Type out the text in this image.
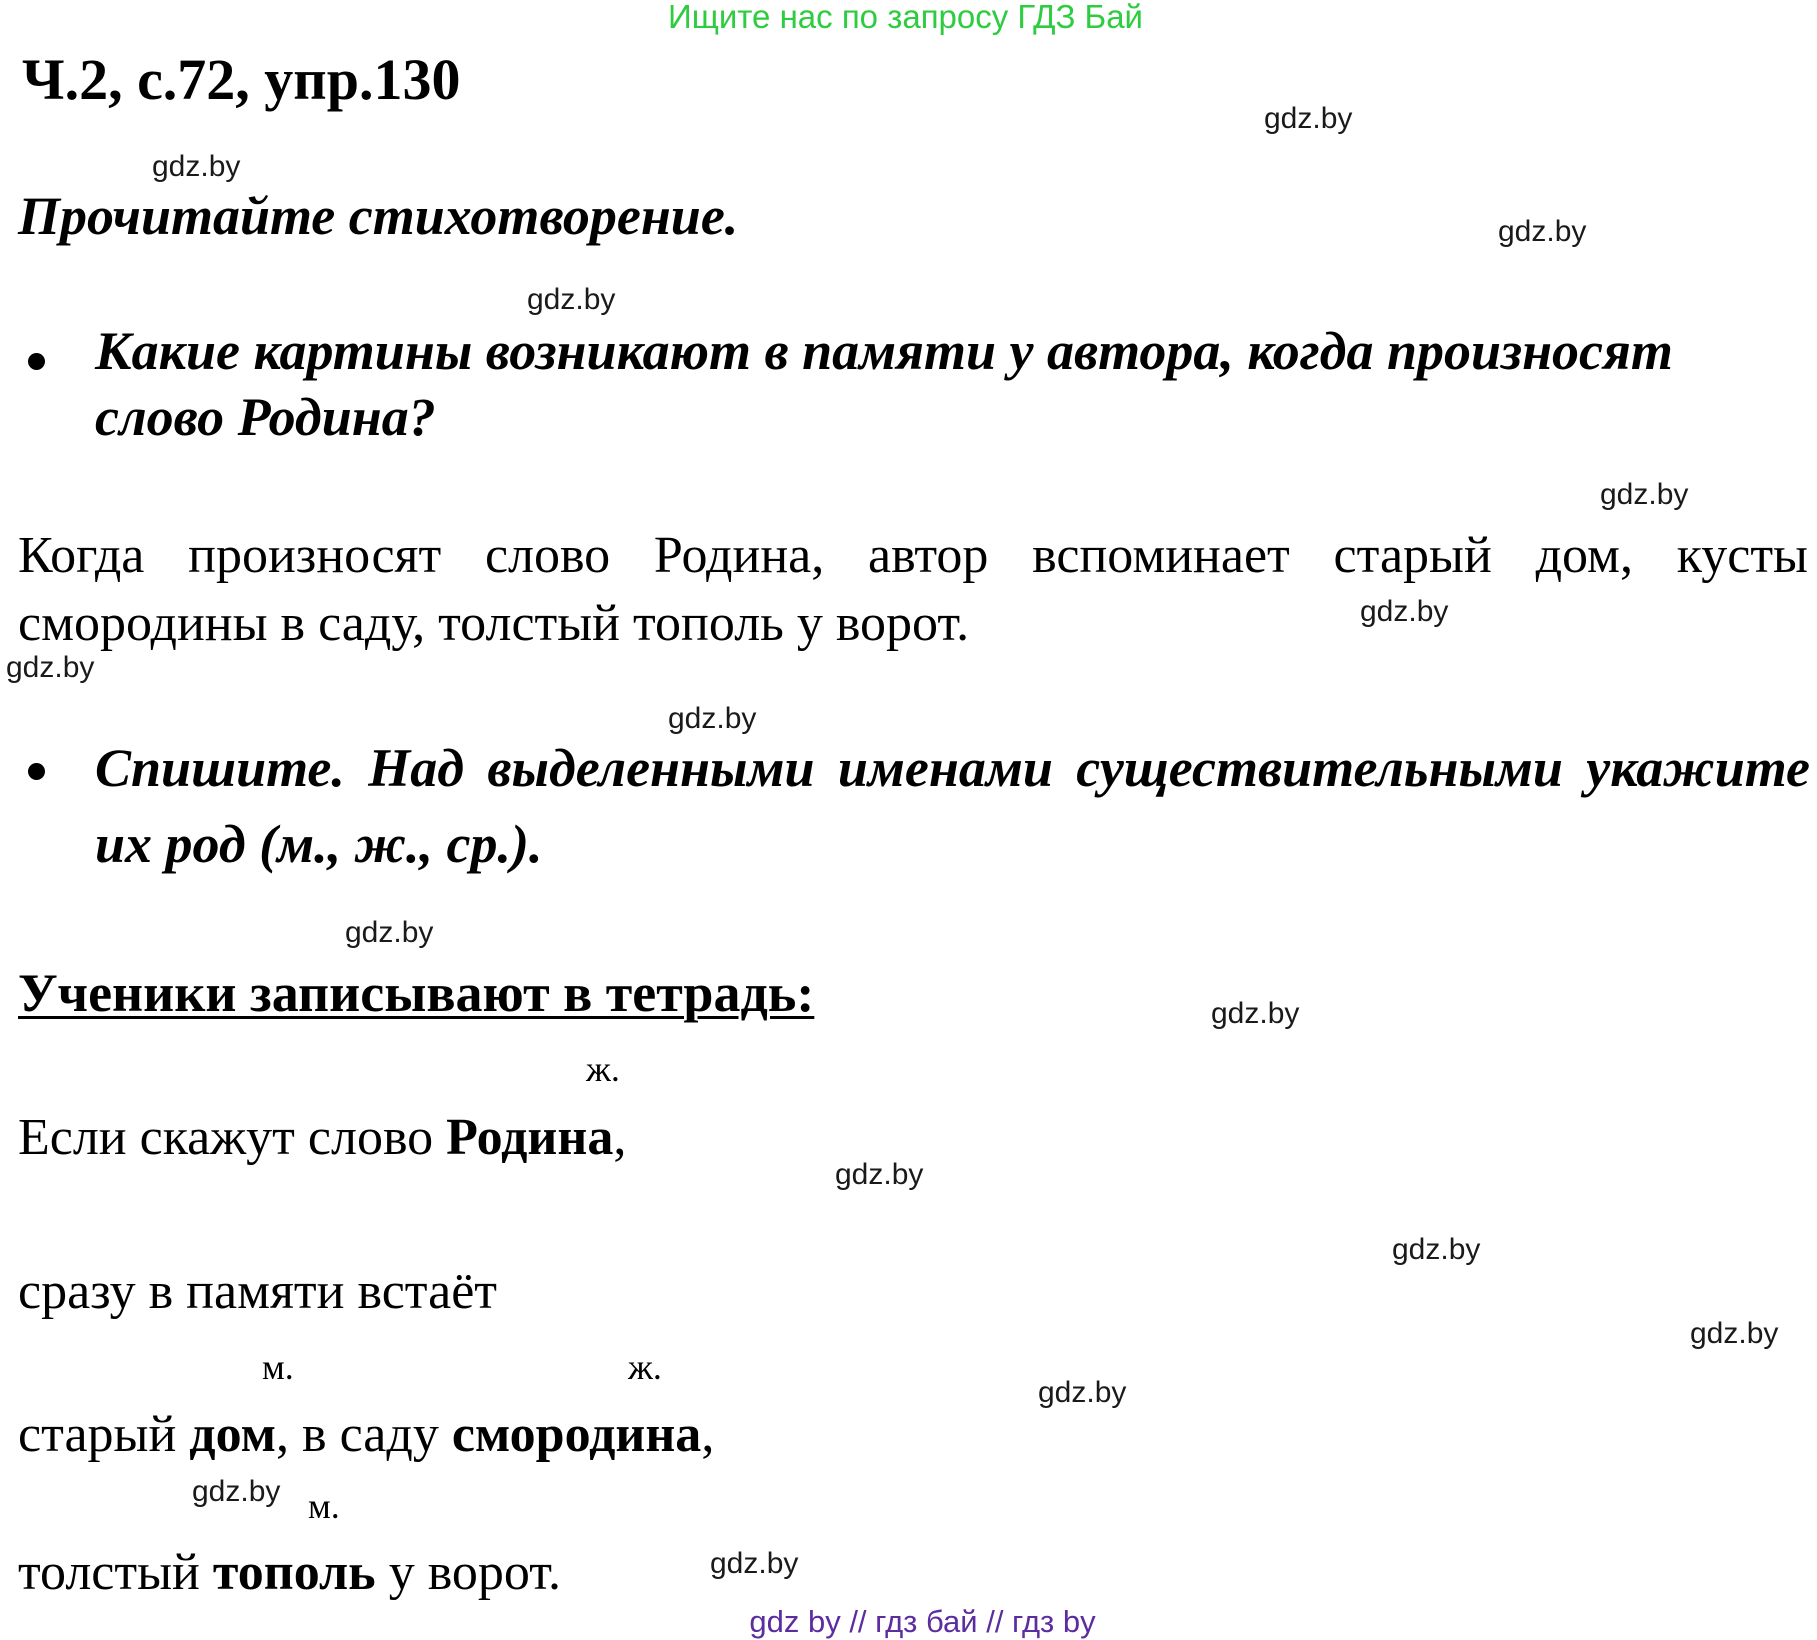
Ищите нас по запросу ГДЗ Бай
Ч.2, с.72, упр.130
Прочитайте стихотворение.
Какие картины возникают в памяти у автора, когда произносят слово Родина?
Когда произносят слово Родина, автор вспоминает старый дом, кусты смородины в саду, толстый тополь у ворот.
Спишите. Над выделенными именами существительными укажите их род (м., ж., ср.).
Ученики записывают в тетрадь:
ж.
Если скажут слово Родина,
сразу в памяти встаёт
м.	ж.
старый дом, в саду смородина,
м.
толстый тополь у ворот.
gdz.by
gdz.by
gdz.by
gdz.by
gdz.by
gdz.by
gdz.by
gdz.by
gdz.by
gdz.by
gdz.by
gdz.by
gdz.by
gdz.by
gdz.by
gdz.by
gdz by // гдз бай // гдз by
